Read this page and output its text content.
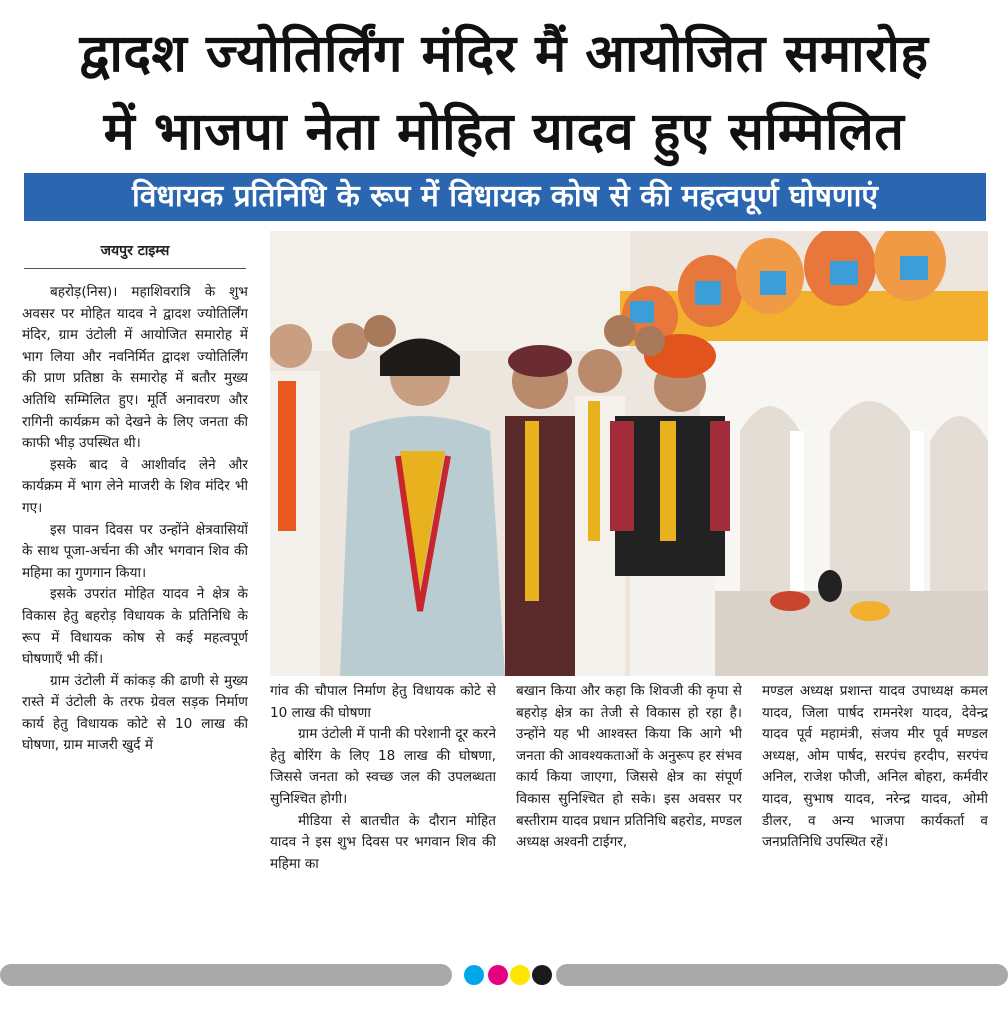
द्वादश ज्योतिर्लिंग मंदिर मैं आयोजित समारोह
में भाजपा नेता मोहित यादव हुए सम्मिलित
विधायक प्रतिनिधि के रूप में विधायक कोष से की महत्वपूर्ण घोषणाएं
जयपुर टाइम्स

बहरोड़(निस)। महाशिवरात्रि के शुभ अवसर पर मोहित यादव ने द्वादश ज्योतिर्लिंग मंदिर, ग्राम उंटोली में आयोजित समारोह में भाग लिया और नवनिर्मित द्वादश ज्योतिर्लिंग की प्राण प्रतिष्ठा के समारोह में बतौर मुख्य अतिथि सम्मिलित हुए। मूर्ति अनावरण और रागिनी कार्यक्रम को देखने के लिए जनता की काफी भीड़ उपस्थित थी।

इसके बाद वे आशीर्वाद लेने और कार्यक्रम में भाग लेने माजरी के शिव मंदिर भी गए।

इस पावन दिवस पर उन्होंने क्षेत्रवासियों के साथ पूजा-अर्चना की और भगवान शिव की महिमा का गुणगान किया।

इसके उपरांत मोहित यादव ने क्षेत्र के विकास हेतु बहरोड़ विधायक के प्रतिनिधि के रूप में विधायक कोष से कई महत्वपूर्ण घोषणाएँ भी कीं।

ग्राम उंटोली में कांकड़ की ढाणी से मुख्य रास्ते में उंटोली के तरफ ग्रेवल सड़क निर्माण कार्य हेतु विधायक कोटे से 10 लाख की घोषणा, ग्राम माजरी खुर्द में

गांव की चौपाल निर्माण हेतु विधायक कोटे से 10 लाख की घोषणा

ग्राम उंटोली में पानी की परेशानी दूर करने हेतु बोरिंग के लिए 18 लाख की घोषणा, जिससे जनता को स्वच्छ जल की उपलब्धता सुनिश्चित होगी।

मीडिया से बातचीत के दौरान मोहित यादव ने इस शुभ दिवस पर भगवान शिव की महिमा का

बखान किया और कहा कि शिवजी की कृपा से बहरोड़ क्षेत्र का तेजी से विकास हो रहा है। उन्होंने यह भी आश्वस्त किया कि आगे भी जनता की आवश्यकताओं के अनुरूप हर संभव कार्य किया जाएगा, जिससे क्षेत्र का संपूर्ण विकास सुनिश्चित हो सके। इस अवसर पर बस्तीराम यादव प्रधान प्रतिनिधि बहरोड, मण्डल अध्यक्ष अश्वनी टाईगर,

मण्डल अध्यक्ष प्रशान्त यादव उपाध्यक्ष कमल यादव, जिला पार्षद रामनरेश यादव, देवेन्द्र यादव पूर्व महामंत्री, संजय मीर पूर्व मण्डल अध्यक्ष, ओम पार्षद, सरपंच हरदीप, सरपंच अनिल, राजेश फौजी, अनिल बोहरा, कर्मवीर यादव, सुभाष यादव, नरेन्द्र यादव, ओमी डीलर, व अन्य भाजपा कार्यकर्ता व जनप्रतिनिधि उपस्थित रहें।
